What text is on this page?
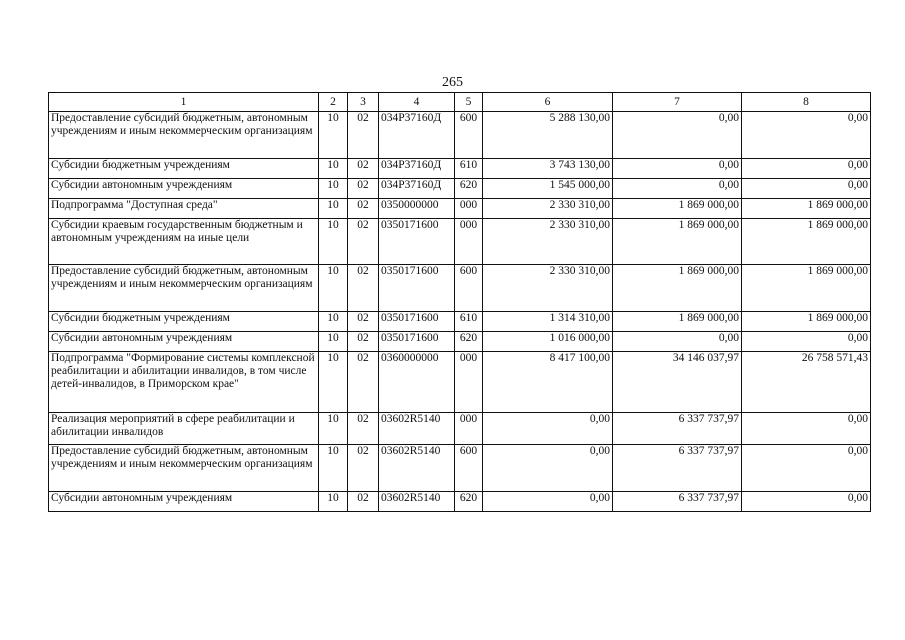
265
1	2	3	4	5	6	7	8
Предоставление субсидий бюджетным, автономным учреждениям и иным некоммерческим организациям	10	02	034P37160Д	600	5 288 130,00	0,00	0,00
Субсидии бюджетным учреждениям	10	02	034P37160Д	610	3 743 130,00	0,00	0,00
Субсидии автономным учреждениям	10	02	034P37160Д	620	1 545 000,00	0,00	0,00
Подпрограмма "Доступная среда"	10	02	0350000000	000	2 330 310,00	1 869 000,00	1 869 000,00
Субсидии краевым государственным бюджетным и автономным учреждениям на иные цели	10	02	0350171600	000	2 330 310,00	1 869 000,00	1 869 000,00
Предоставление субсидий бюджетным, автономным учреждениям и иным некоммерческим организациям	10	02	0350171600	600	2 330 310,00	1 869 000,00	1 869 000,00
Субсидии бюджетным учреждениям	10	02	0350171600	610	1 314 310,00	1 869 000,00	1 869 000,00
Субсидии автономным учреждениям	10	02	0350171600	620	1 016 000,00	0,00	0,00
Подпрограмма "Формирование системы комплексной реабилитации и абилитации инвалидов, в том числе детей-инвалидов, в Приморском крае"	10	02	0360000000	000	8 417 100,00	34 146 037,97	26 758 571,43
Реализация мероприятий в сфере реабилитации и абилитации инвалидов	10	02	03602R5140	000	0,00	6 337 737,97	0,00
Предоставление субсидий бюджетным, автономным учреждениям и иным некоммерческим организациям	10	02	03602R5140	600	0,00	6 337 737,97	0,00
Субсидии автономным учреждениям	10	02	03602R5140	620	0,00	6 337 737,97	0,00
